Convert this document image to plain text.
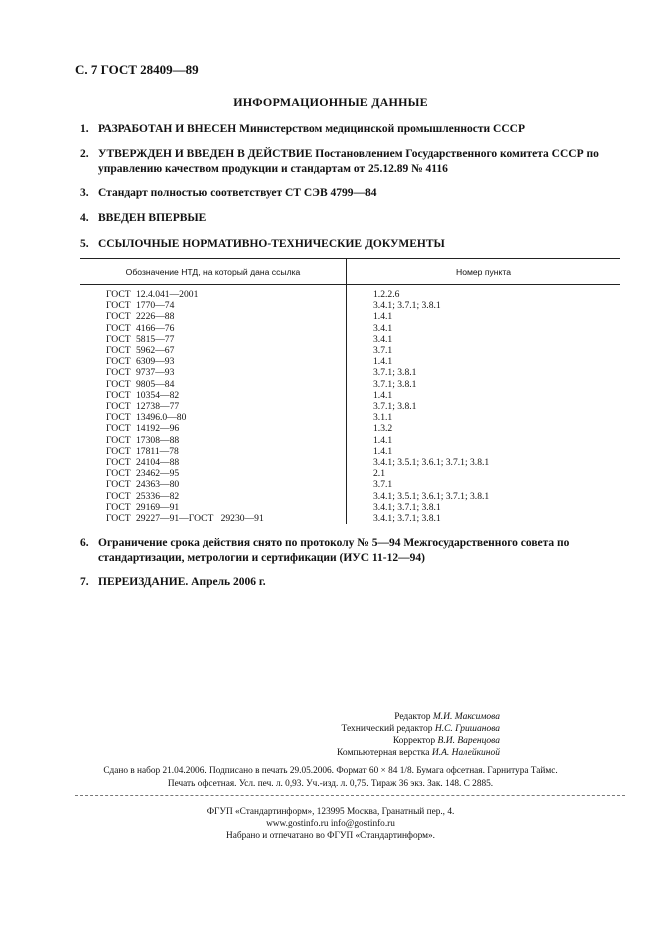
С. 7 ГОСТ 28409—89
ИНФОРМАЦИОННЫЕ ДАННЫЕ
1. РАЗРАБОТАН И ВНЕСЕН Министерством медицинской промышленности СССР
2. УТВЕРЖДЕН И ВВЕДЕН В ДЕЙСТВИЕ Постановлением Государственного комитета СССР по управлению качеством продукции и стандартам от 25.12.89 № 4116
3. Стандарт полностью соответствует СТ СЭВ 4799—84
4. ВВЕДЕН ВПЕРВЫЕ
5. ССЫЛОЧНЫЕ НОРМАТИВНО-ТЕХНИЧЕСКИЕ ДОКУМЕНТЫ
Обозначение НТД, на который дана ссылка	Номер пункта
ГОСТ 12.4.041—2001	1.2.2.6
ГОСТ 1770—74	3.4.1; 3.7.1; 3.8.1
ГОСТ 2226—88	1.4.1
ГОСТ 4166—76	3.4.1
ГОСТ 5815—77	3.4.1
ГОСТ 5962—67	3.7.1
ГОСТ 6309—93	1.4.1
ГОСТ 9737—93	3.7.1; 3.8.1
ГОСТ 9805—84	3.7.1; 3.8.1
ГОСТ 10354—82	1.4.1
ГОСТ 12738—77	3.7.1; 3.8.1
ГОСТ 13496.0—80	3.1.1
ГОСТ 14192—96	1.3.2
ГОСТ 17308—88	1.4.1
ГОСТ 17811—78	1.4.1
ГОСТ 24104—88	3.4.1; 3.5.1; 3.6.1; 3.7.1; 3.8.1
ГОСТ 23462—95	2.1
ГОСТ 24363—80	3.7.1
ГОСТ 25336—82	3.4.1; 3.5.1; 3.6.1; 3.7.1; 3.8.1
ГОСТ 29169—91	3.4.1; 3.7.1; 3.8.1
ГОСТ 29227—91—ГОСТ   29230—91	3.4.1; 3.7.1; 3.8.1
6. Ограничение срока действия снято по протоколу № 5—94 Межгосударственного совета по стандартизации, метрологии и сертификации (ИУС 11-12—94)
7. ПЕРЕИЗДАНИЕ. Апрель 2006 г.
Редактор М.И. Максимова
Технический редактор Н.С. Гришанова
Корректор В.И. Варенцова
Компьютерная верстка И.А. Налейкиной
Сдано в набор 21.04.2006. Подписано в печать 29.05.2006. Формат 60 × 84 1/8. Бумага офсетная. Гарнитура Таймс.
Печать офсетная. Усл. печ. л. 0,93. Уч.-изд. л. 0,75. Тираж 36 экз. Зак. 148. С 2885.
ФГУП «Стандартинформ», 123995 Москва, Гранатный пер., 4.
www.gostinfo.ru info@gostinfo.ru
Набрано и отпечатано во ФГУП «Стандартинформ».
